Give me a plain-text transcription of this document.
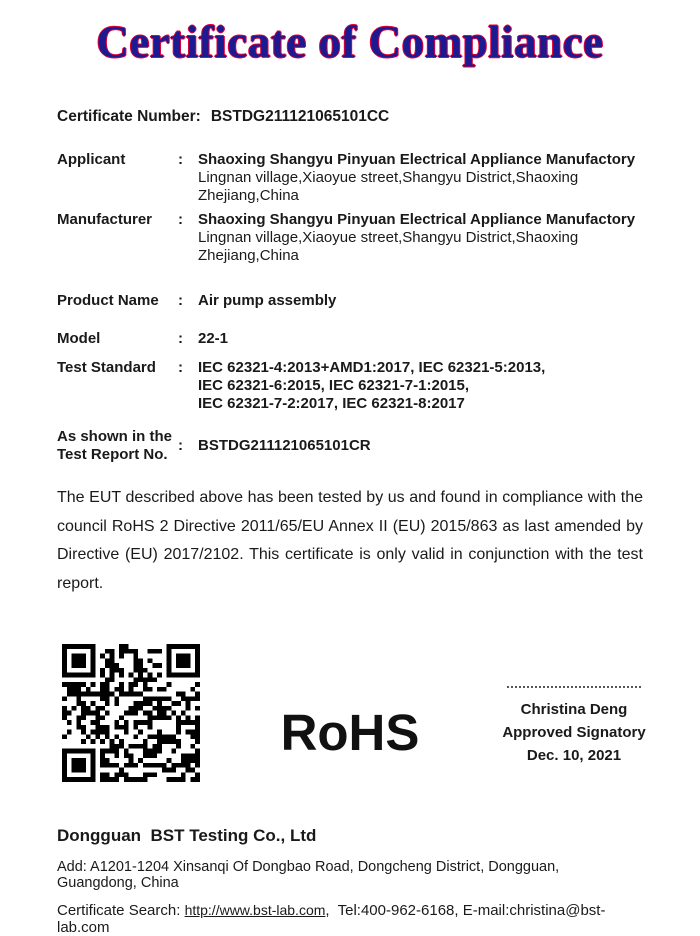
Certificate of Compliance
Certificate Number: BSTDG211121065101CC
Applicant	:	Shaoxing Shangyu Pinyuan Electrical Appliance Manufactory
Lingnan village,Xiaoyue street,Shangyu District,Shaoxing Zhejiang,China
Manufacturer	:	Shaoxing Shangyu Pinyuan Electrical Appliance Manufactory
Lingnan village,Xiaoyue street,Shangyu District,Shaoxing Zhejiang,China
Product Name	:	Air pump assembly
Model	:	22-1
Test Standard	:	IEC 62321-4:2013+AMD1:2017, IEC 62321-5:2013,
IEC 62321-6:2015, IEC 62321-7-1:2015,
IEC 62321-7-2:2017, IEC 62321-8:2017
As shown in the
Test Report No.
:	BSTDG211121065101CR

The EUT described above has been tested by us and found in compliance with the council RoHS 2 Directive 2011/65/EU Annex II (EU) 2015/863 as last amended by Directive (EU) 2017/2102. This certificate is only valid in conjunction with the test report.

RoHS	Christina Deng
Approved Signatory
Dec. 10, 2021
Dongguan  BST Testing Co., Ltd
Add: A1201-1204 Xinsanqi Of Dongbao Road, Dongcheng District, Dongguan, Guangdong, China
Certificate Search: http://www.bst-lab.com,  Tel:400-962-6168, E-mail:christina@bst-lab.com
